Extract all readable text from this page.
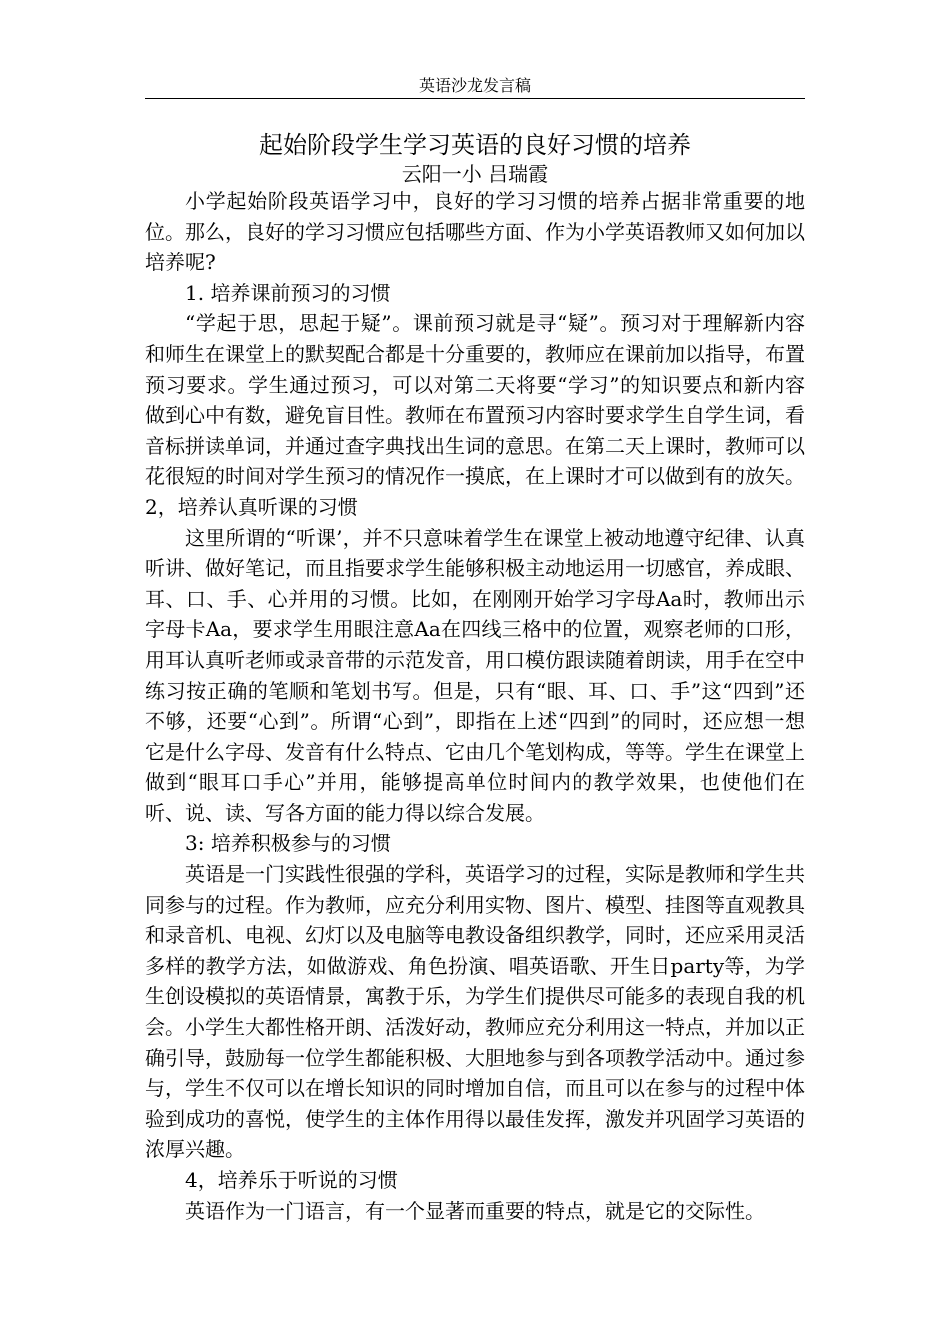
英语沙龙发言稿
起始阶段学生学习英语的良好习惯的培养
云阳一小 吕瑞霞

小学起始阶段英语学习中，良好的学习习惯的培养占据非常重要的地位。那么，良好的学习习惯应包括哪些方面、作为小学英语教师又如何加以培养呢?

1. 培养课前预习的习惯

“学起于思，思起于疑”。课前预习就是寻“疑”。预习对于理解新内容和师生在课堂上的默契配合都是十分重要的，教师应在课前加以指导，布置预习要求。学生通过预习，可以对第二天将要“学习”的知识要点和新内容做到心中有数，避免盲目性。教师在布置预习内容时要求学生自学生词，看音标拼读单词，并通过查字典找出生词的意思。在第二天上课时，教师可以花很短的时间对学生预习的情况作一摸底，在上课时才可以做到有的放矢。

2，培养认真听课的习惯

这里所谓的“听课’，并不只意味着学生在课堂上被动地遵守纪律、认真听讲、做好笔记，而且指要求学生能够积极主动地运用一切感官，养成眼、耳、口、手、心并用的习惯。比如，在刚刚开始学习字母Aa时，教师出示字母卡Aa，要求学生用眼注意Aa在四线三格中的位置，观察老师的口形，用耳认真听老师或录音带的示范发音，用口模仿跟读随着朗读，用手在空中练习按正确的笔顺和笔划书写。但是，只有“眼、耳、口、手”这“四到”还不够，还要“心到”。所谓“心到”，即指在上述“四到”的同时，还应想一想它是什么字母、发音有什么特点、它由几个笔划构成，等等。学生在课堂上做到“眼耳口手心”并用，能够提高单位时间内的教学效果，也使他们在听、说、读、写各方面的能力得以综合发展。

3: 培养积极参与的习惯

英语是一门实践性很强的学科，英语学习的过程，实际是教师和学生共同参与的过程。作为教师，应充分利用实物、图片、模型、挂图等直观教具和录音机、电视、幻灯以及电脑等电教设备组织教学，同时，还应采用灵活多样的教学方法，如做游戏、角色扮演、唱英语歌、开生日party等，为学生创设模拟的英语情景，寓教于乐，为学生们提供尽可能多的表现自我的机会。小学生大都性格开朗、活泼好动，教师应充分利用这一特点，并加以正确引导，鼓励每一位学生都能积极、大胆地参与到各项教学活动中。通过参与，学生不仅可以在增长知识的同时增加自信，而且可以在参与的过程中体验到成功的喜悦，使学生的主体作用得以最佳发挥，激发并巩固学习英语的浓厚兴趣。

4，培养乐于听说的习惯

英语作为一门语言，有一个显著而重要的特点，就是它的交际性。
